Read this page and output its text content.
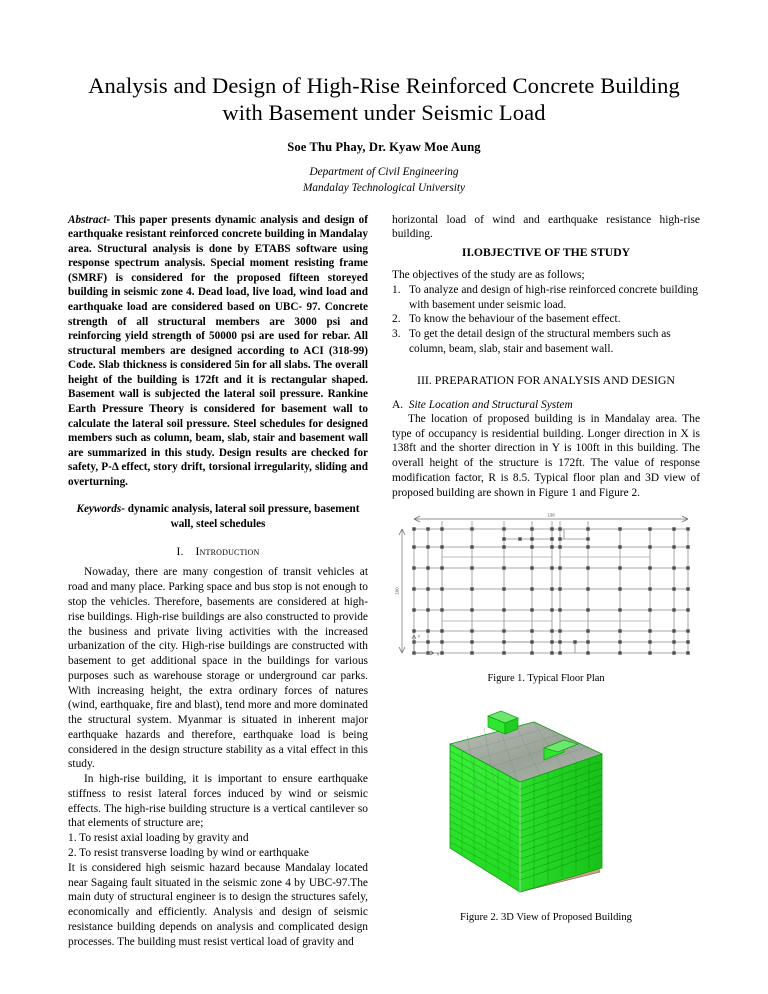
Analysis and Design of High-Rise Reinforced Concrete Building with Basement under Seismic Load
Soe Thu Phay, Dr. Kyaw Moe Aung
Department of Civil Engineering
Mandalay Technological University

Abstract- This paper presents dynamic analysis and design of earthquake resistant reinforced concrete building in Mandalay area. Structural analysis is done by ETABS software using response spectrum analysis. Special moment resisting frame (SMRF) is considered for the proposed fifteen storeyed building in seismic zone 4. Dead load, live load, wind load and earthquake load are considered based on UBC- 97. Concrete strength of all structural members are 3000 psi and reinforcing yield strength of 50000 psi are used for rebar. All structural members are designed according to ACI (318-99) Code. Slab thickness is considered 5in for all slabs. The overall height of the building is 172ft and it is rectangular shaped. Basement wall is subjected the lateral soil pressure. Rankine Earth Pressure Theory is considered for basement wall to calculate the lateral soil pressure. Steel schedules for designed members such as column, beam, slab, stair and basement wall are summarized in this study. Design results are checked for safety, P-Δ effect, story drift, torsional irregularity, sliding and overturning.

Keywords- dynamic analysis, lateral soil pressure, basement wall, steel schedules

I. Introduction

Nowaday, there are many congestion of transit vehicles at road and many place. Parking space and bus stop is not enough to stop the vehicles. Therefore, basements are considered at high-rise buildings. High-rise buildings are also constructed to provide the business and private living activities with the increased urbanization of the city. High-rise buildings are constructed with basement to get additional space in the buildings for various purposes such as warehouse storage or underground car parks. With increasing height, the extra ordinary forces of natures (wind, earthquake, fire and blast), tend more and more dominated the structural system. Myanmar is situated in inherent major earthquake hazards and therefore, earthquake load is being considered in the design structure stability as a vital effect in this study.

In high-rise building, it is important to ensure earthquake stiffness to resist lateral forces induced by wind or seismic effects. The high-rise building structure is a vertical cantilever so that elements of structure are;

1. To resist axial loading by gravity and
2. To resist transverse loading by wind or earthquake

It is considered high seismic hazard because Mandalay located near Sagaing fault situated in the seismic zone 4 by UBC-97.The main duty of structural engineer is to design the structures safely, economically and efficiently. Analysis and design of seismic resistance building depends on analysis and complicated design processes. The building must resist vertical load of gravity and

horizontal load of wind and earthquake resistance high-rise building.

II.OBJECTIVE OF THE STUDY

The objectives of the study are as follows;

1. To analyze and design of high-rise reinforced concrete building with basement under seismic load.
2. To know the behaviour of the basement effect.
3. To get the detail design of the structural members such as column, beam, slab, stair and basement wall.
III. PREPARATION FOR ANALYSIS AND DESIGN
A. Site Location and Structural System

The location of proposed building is in Mandalay area. The type of occupancy is residential building. Longer direction in X is 138ft and the shorter direction in Y is 100ft in this building. The overall height of the structure is 172ft. The value of response modification factor, R is 8.5. Typical floor plan and 3D view of proposed building are shown in Figure 1 and Figure 2.

138
100
Y
X
Figure 1. Typical Floor Plan
Figure 2. 3D View of Proposed Building
